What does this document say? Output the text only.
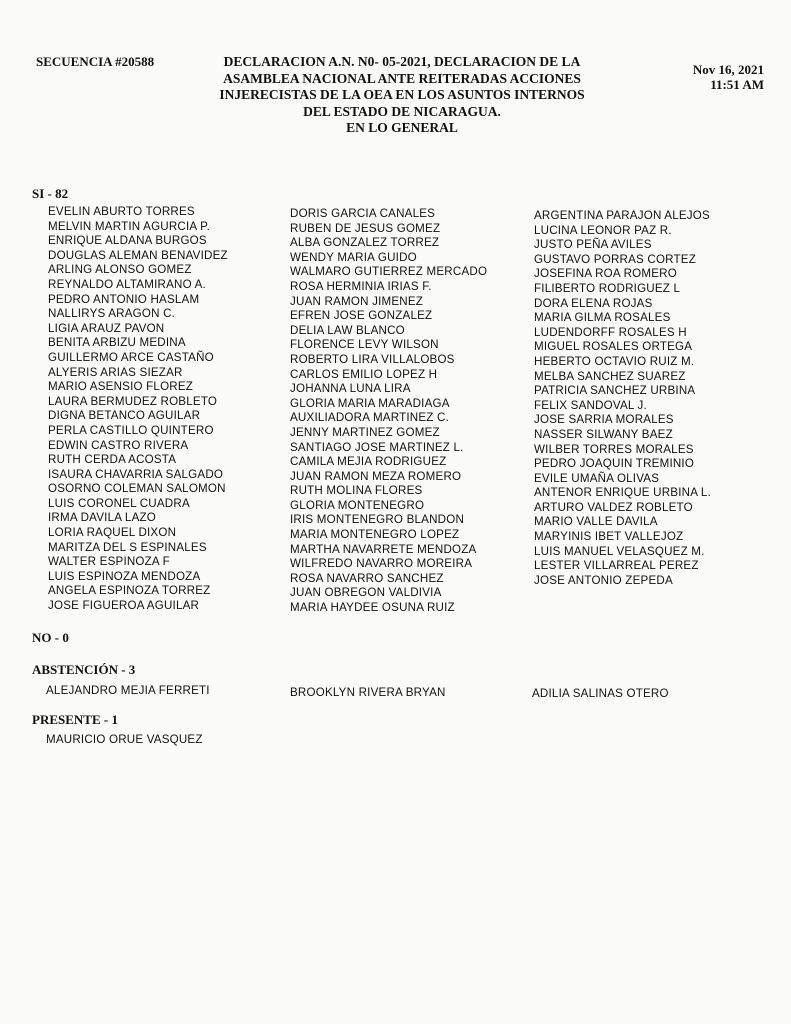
SECUENCIA #20588	DECLARACION A.N. N0- 05-2021, DECLARACION DE LA
ASAMBLEA NACIONAL ANTE REITERADAS ACCIONES
INJERECISTAS DE LA OEA EN LOS ASUNTOS INTERNOS
DEL ESTADO DE NICARAGUA.
EN LO GENERAL
Nov 16, 2021
11:51 AM
SI - 82
EVELIN ABURTO TORRES
MELVIN MARTIN AGURCIA P.
ENRIQUE ALDANA BURGOS
DOUGLAS ALEMAN BENAVIDEZ
ARLING ALONSO GOMEZ
REYNALDO ALTAMIRANO A.
PEDRO ANTONIO HASLAM
NALLIRYS ARAGON C.
LIGIA ARAUZ PAVON
BENITA ARBIZU MEDINA
GUILLERMO ARCE CASTAÑO
ALYERIS ARIAS SIEZAR
MARIO ASENSIO FLOREZ
LAURA BERMUDEZ ROBLETO
DIGNA BETANCO AGUILAR
PERLA CASTILLO QUINTERO
EDWIN CASTRO RIVERA
RUTH CERDA ACOSTA
ISAURA CHAVARRIA SALGADO
OSORNO COLEMAN SALOMON
LUIS CORONEL CUADRA
IRMA DAVILA LAZO
LORIA RAQUEL DIXON
MARITZA DEL S ESPINALES
WALTER ESPINOZA F
LUIS ESPINOZA MENDOZA
ANGELA ESPINOZA TORREZ
JOSE FIGUEROA AGUILAR
DORIS GARCIA CANALES
RUBEN DE JESUS GOMEZ
ALBA GONZALEZ TORREZ
WENDY MARIA GUIDO
WALMARO GUTIERREZ MERCADO
ROSA HERMINIA IRIAS F.
JUAN RAMON JIMENEZ
EFREN JOSE GONZALEZ
DELIA LAW BLANCO
FLORENCE LEVY WILSON
ROBERTO LIRA VILLALOBOS
CARLOS EMILIO LOPEZ H
JOHANNA LUNA LIRA
GLORIA MARIA MARADIAGA
AUXILIADORA MARTINEZ C.
JENNY MARTINEZ GOMEZ
SANTIAGO JOSE MARTINEZ L.
CAMILA MEJIA RODRIGUEZ
JUAN RAMON MEZA ROMERO
RUTH MOLINA FLORES
GLORIA MONTENEGRO
IRIS MONTENEGRO BLANDON
MARIA MONTENEGRO LOPEZ
MARTHA NAVARRETE MENDOZA
WILFREDO NAVARRO MOREIRA
ROSA NAVARRO SANCHEZ
JUAN OBREGON VALDIVIA
MARIA HAYDEE OSUNA RUIZ
ARGENTINA PARAJON ALEJOS
LUCINA LEONOR PAZ R.
JUSTO PEÑA AVILES
GUSTAVO PORRAS CORTEZ
JOSEFINA ROA ROMERO
FILIBERTO RODRIGUEZ L
DORA ELENA ROJAS
MARIA GILMA ROSALES
LUDENDORFF ROSALES H
MIGUEL ROSALES ORTEGA
HEBERTO OCTAVIO RUIZ M.
MELBA SANCHEZ SUAREZ
PATRICIA SANCHEZ URBINA
FELIX SANDOVAL J.
JOSE SARRIA MORALES
NASSER SILWANY BAEZ
WILBER TORRES MORALES
PEDRO JOAQUIN TREMINIO
EVILE UMAÑA OLIVAS
ANTENOR ENRIQUE URBINA L.
ARTURO VALDEZ ROBLETO
MARIO VALLE DAVILA
MARYINIS IBET VALLEJOZ
LUIS MANUEL VELASQUEZ M.
LESTER VILLARREAL PEREZ
JOSE ANTONIO ZEPEDA
NO - 0
ABSTENCIÓN - 3
ALEJANDRO MEJIA FERRETI	BROOKLYN RIVERA BRYAN	ADILIA SALINAS OTERO
PRESENTE - 1
MAURICIO ORUE VASQUEZ
